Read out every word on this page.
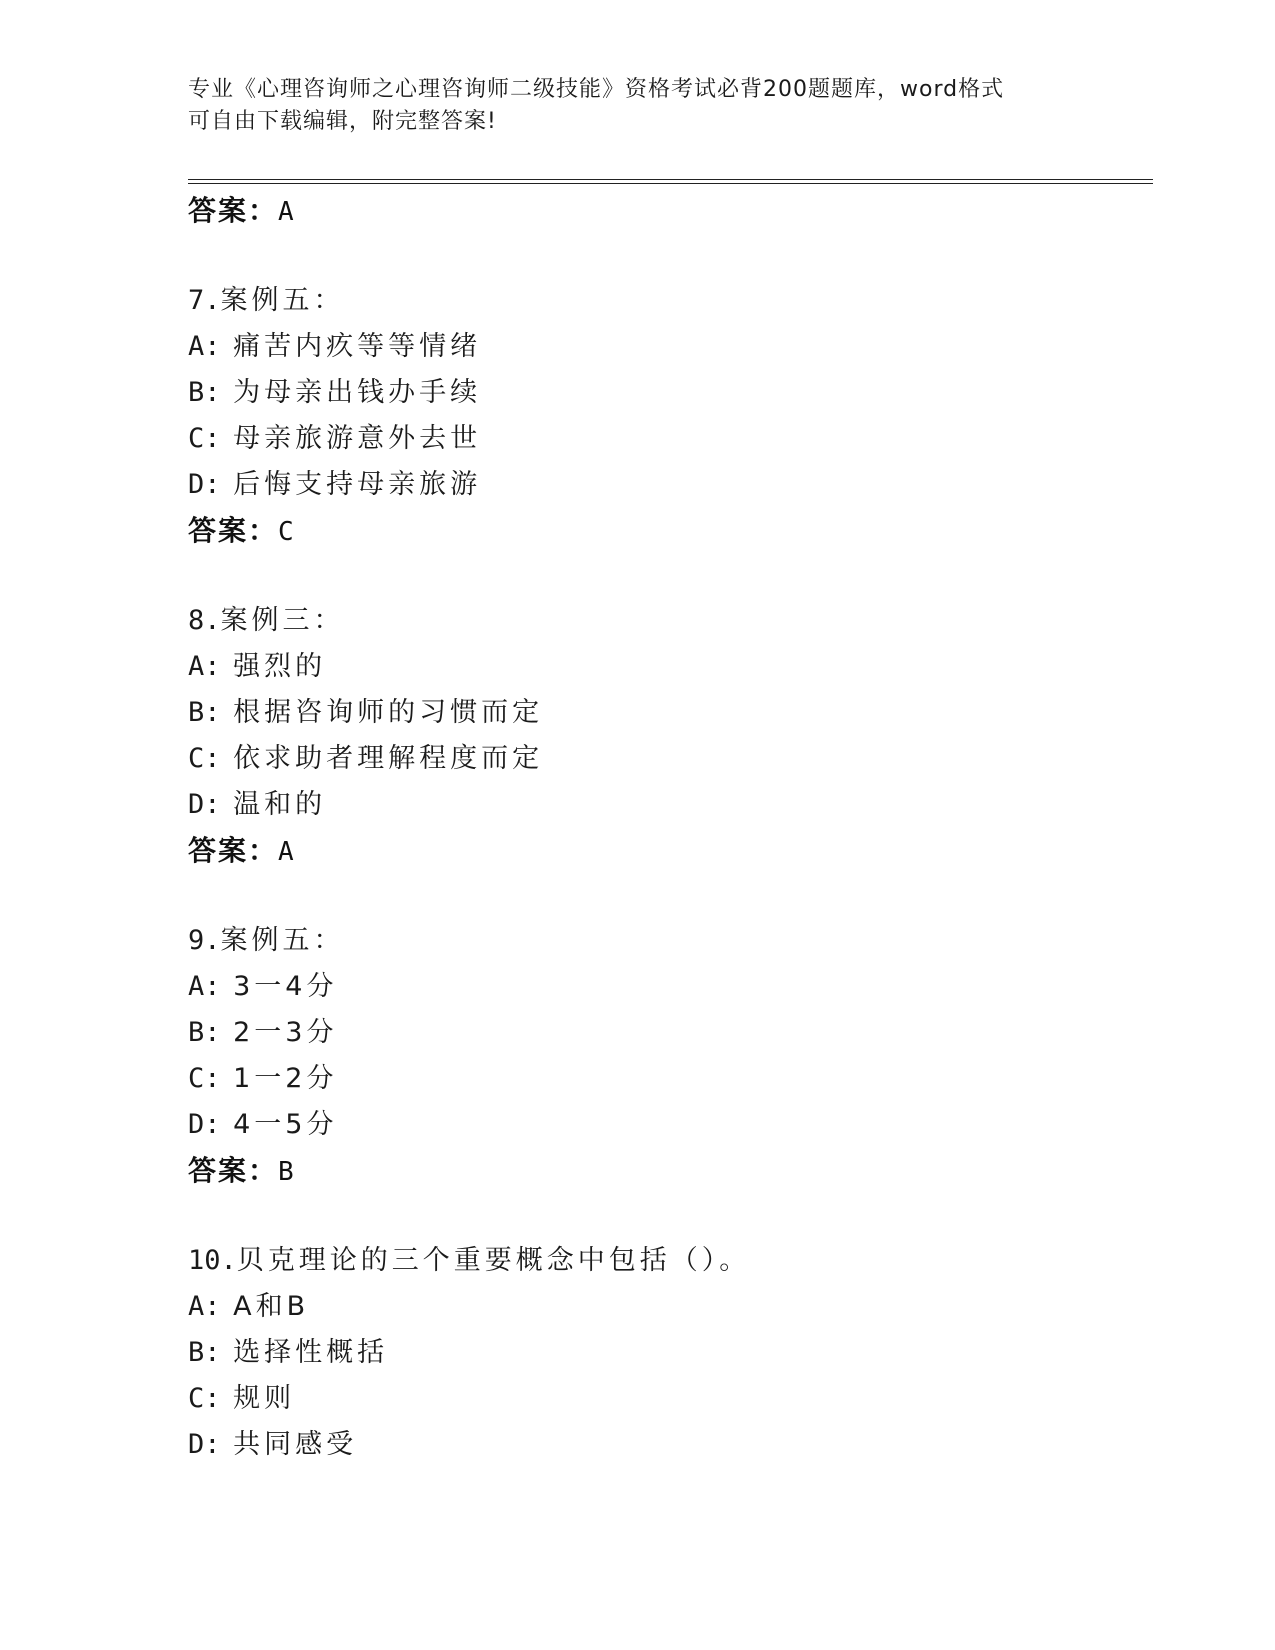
专业《心理咨询师之心理咨询师二级技能》资格考试必背200题题库，word格式
可自由下载编辑，附完整答案!
答案：A
7.案例五：
A: 痛苦内疚等等情绪
B: 为母亲出钱办手续
C: 母亲旅游意外去世
D: 后悔支持母亲旅游
答案：C
8.案例三：
A: 强烈的
B: 根据咨询师的习惯而定
C: 依求助者理解程度而定
D: 温和的
答案：A
9.案例五：
A: 3一4分
B: 2一3分
C: 1一2分
D: 4一5分
答案：B
10.贝克理论的三个重要概念中包括（）。
A: A和B
B: 选择性概括
C: 规则
D: 共同感受
